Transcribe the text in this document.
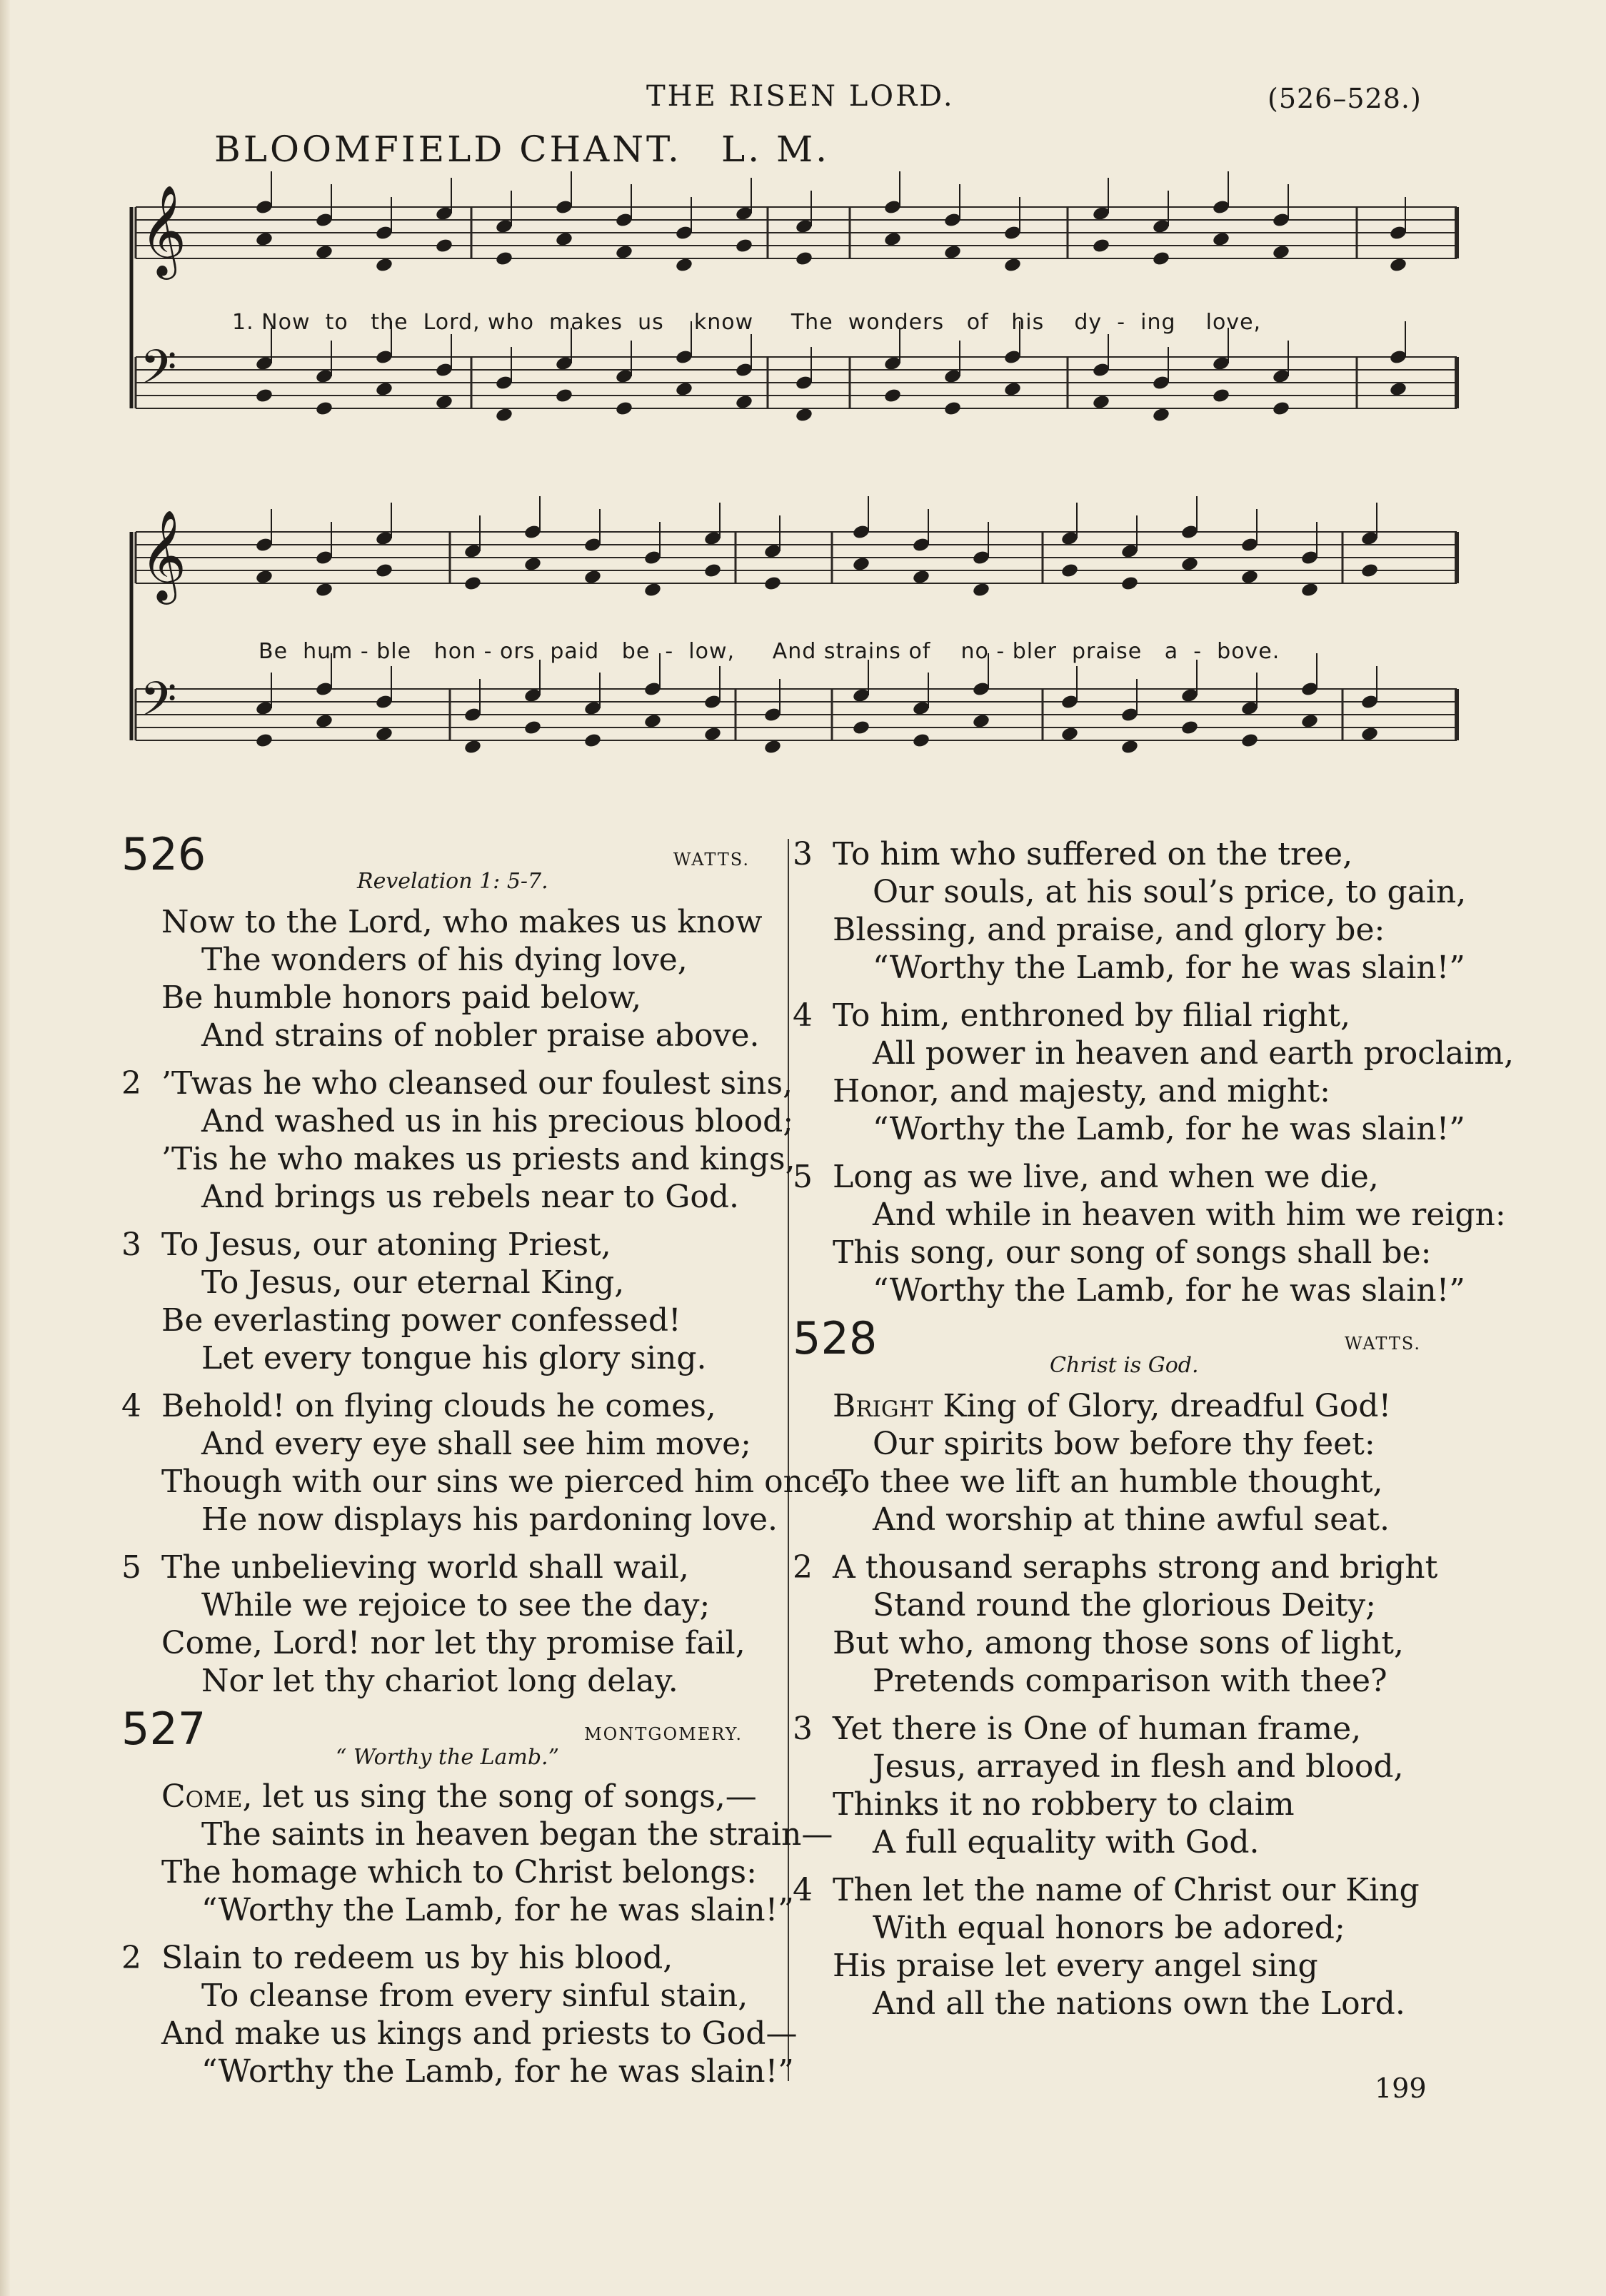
THE RISEN LORD.	(526–528.)
BLOOMFIELD CHANT. L. M.
𝄞
𝄢
𝄞
𝄢
1. Now  to   the  Lord, who  makes  us    know     The  wonders   of   his    dy  -  ing    love,
Be  hum - ble   hon - ors  paid   be  -  low,     And strains of    no - bler  praise   a  -  bove.
526
Revelation 1: 5-7.
WATTS.
Now to the Lord, who makes us know
The wonders of his dying love,
Be humble honors paid below,
And strains of nobler praise above.
2 ’Twas he who cleansed our foulest sins,
And washed us in his precious blood;
’Tis he who makes us priests and kings,
And brings us rebels near to God.
3 To Jesus, our atoning Priest,
To Jesus, our eternal King,
Be everlasting power confessed!
Let every tongue his glory sing.
4 Behold! on flying clouds he comes,
And every eye shall see him move;
Though with our sins we pierced him once,
He now displays his pardoning love.
5 The unbelieving world shall wail,
While we rejoice to see the day;
Come, Lord! nor let thy promise fail,
Nor let thy chariot long delay.
527
“ Worthy the Lamb.”
MONTGOMERY.
Come, let us sing the song of songs,—
The saints in heaven began the strain—
The homage which to Christ belongs:
“Worthy the Lamb, for he was slain!”
2 Slain to redeem us by his blood,
To cleanse from every sinful stain,
And make us kings and priests to God—
“Worthy the Lamb, for he was slain!”
3 To him who suffered on the tree,
Our souls, at his soul’s price, to gain,
Blessing, and praise, and glory be:
“Worthy the Lamb, for he was slain!”
4 To him, enthroned by filial right,
All power in heaven and earth proclaim,
Honor, and majesty, and might:
“Worthy the Lamb, for he was slain!”
5 Long as we live, and when we die,
And while in heaven with him we reign:
This song, our song of songs shall be:
“Worthy the Lamb, for he was slain!”
528
Christ is God.
WATTS.
Bright King of Glory, dreadful God!
Our spirits bow before thy feet:
To thee we lift an humble thought,
And worship at thine awful seat.
2 A thousand seraphs strong and bright
Stand round the glorious Deity;
But who, among those sons of light,
Pretends comparison with thee?
3 Yet there is One of human frame,
Jesus, arrayed in flesh and blood,
Thinks it no robbery to claim
A full equality with God.
4 Then let the name of Christ our King
With equal honors be adored;
His praise let every angel sing
And all the nations own the Lord.
199
